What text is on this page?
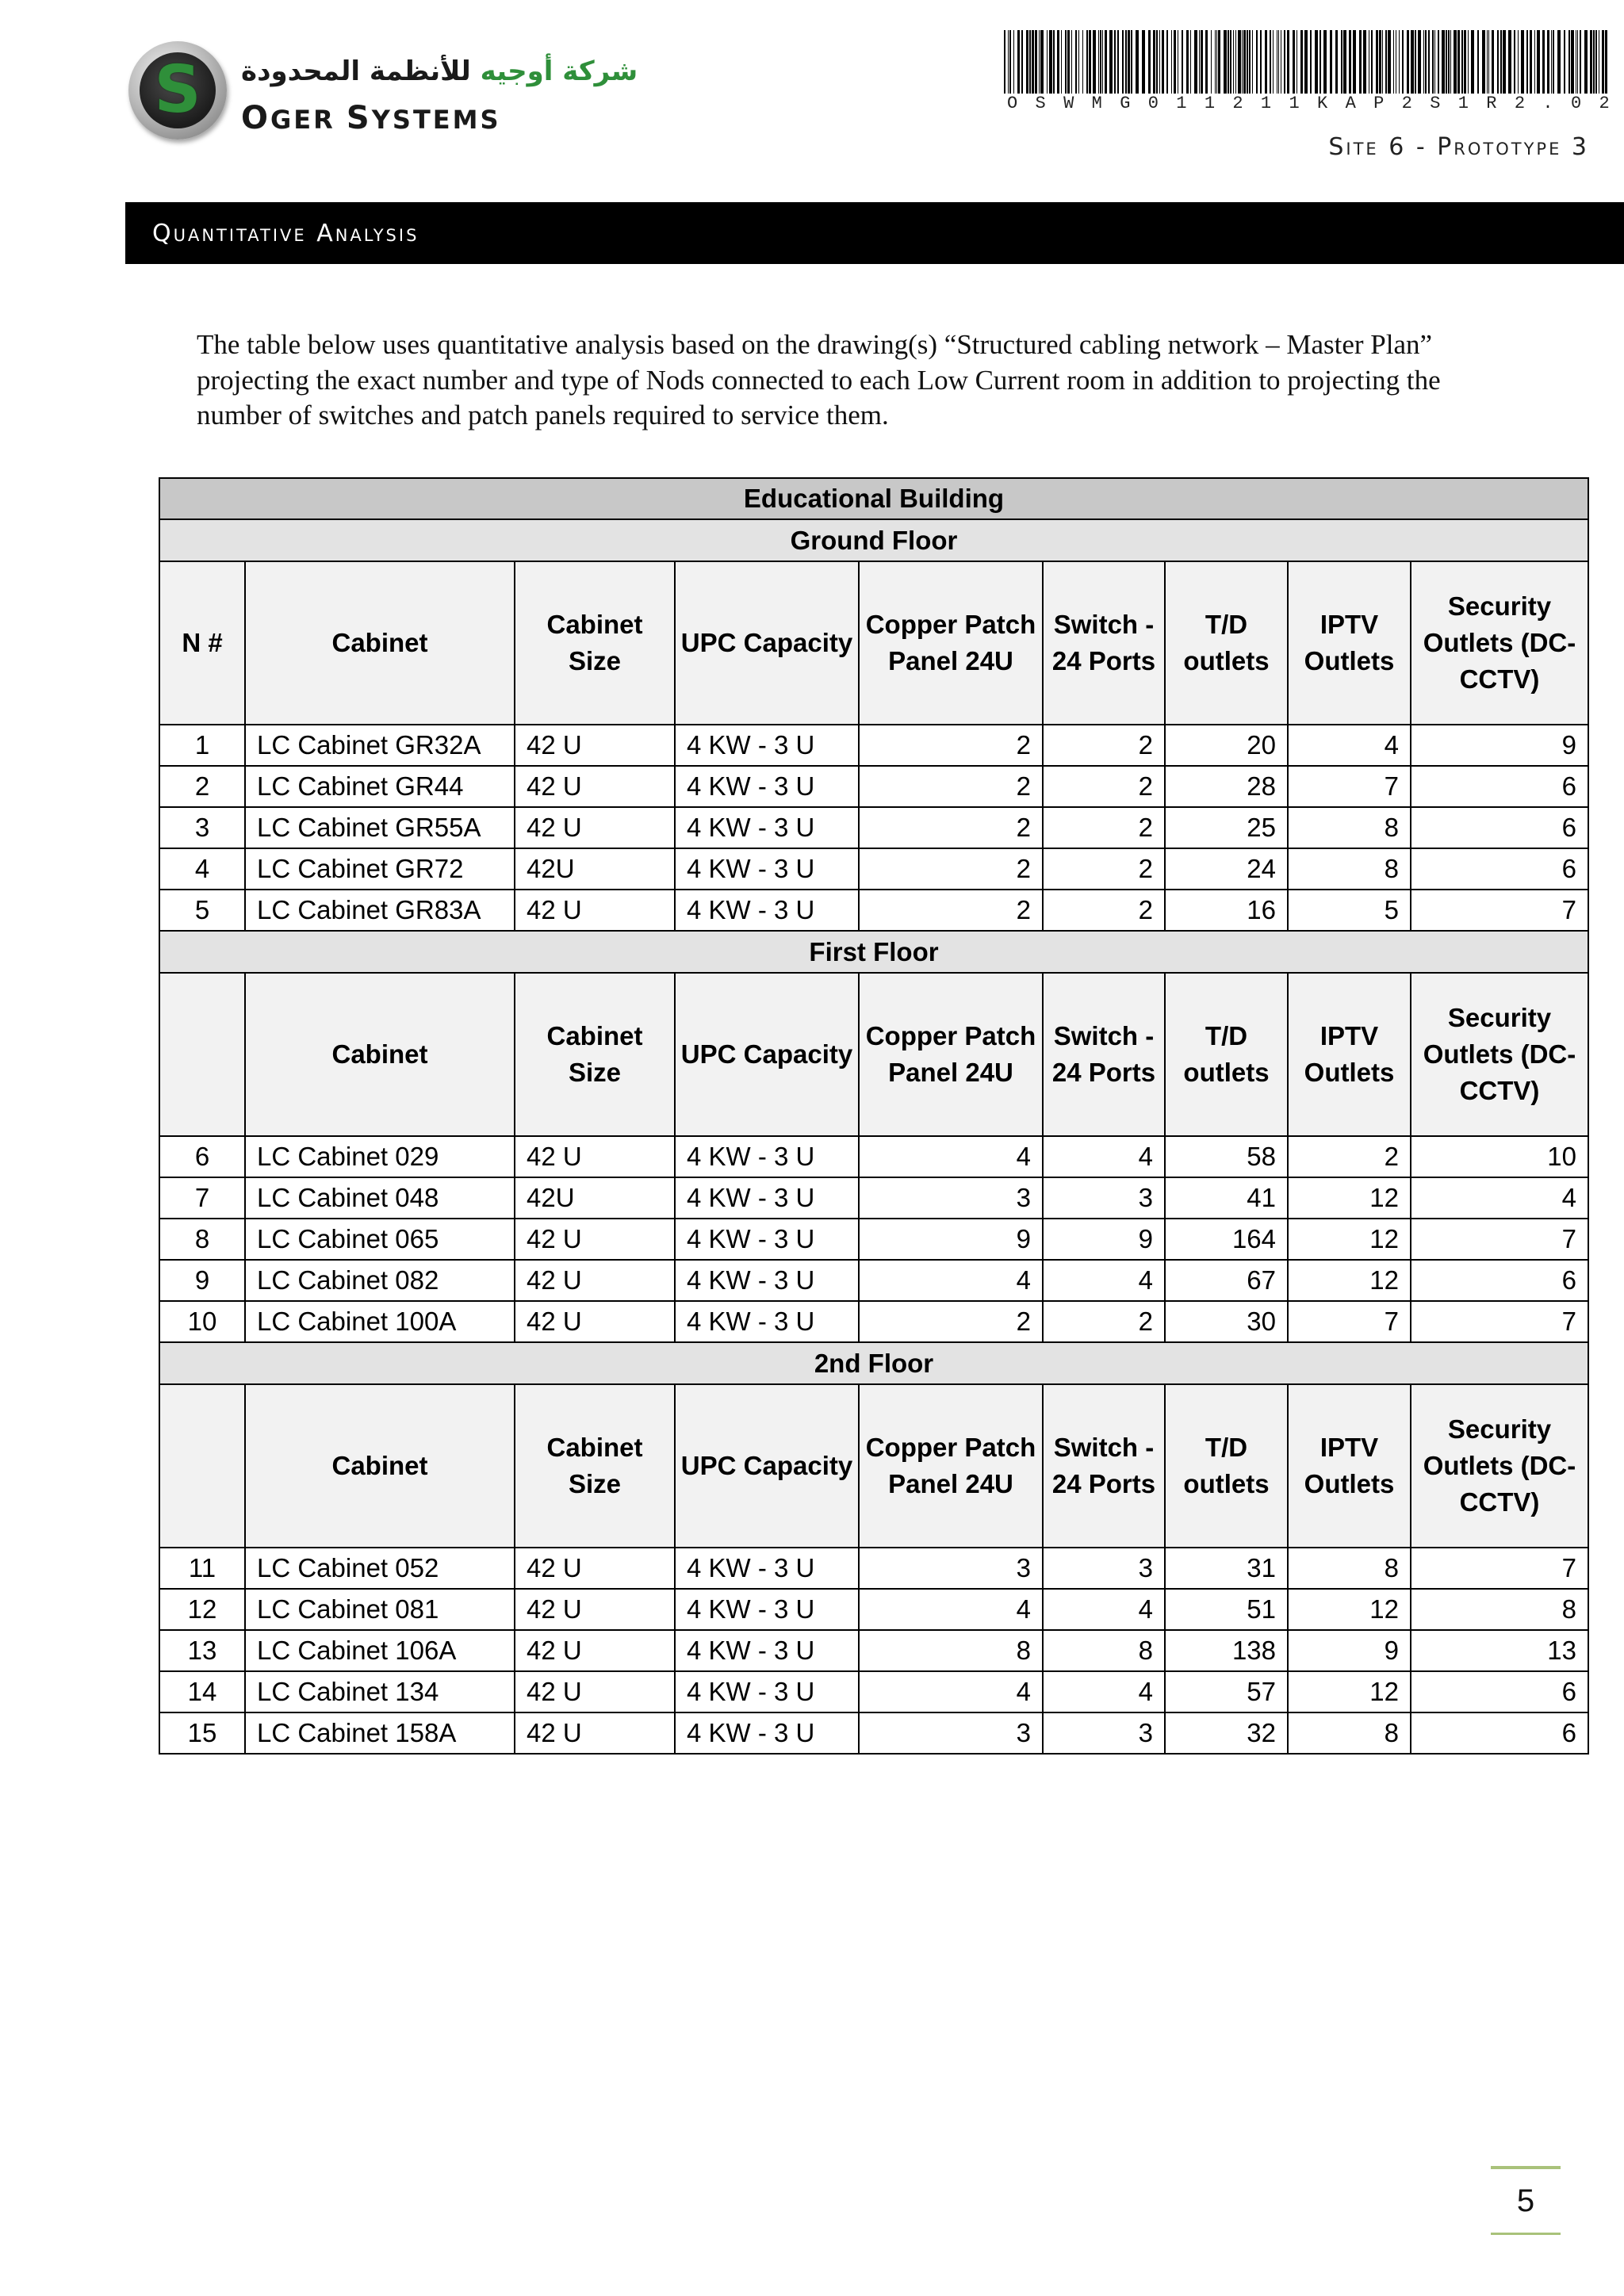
S	شركة أوجيه للأنظمة المحدودة
OGER SYSTEMS
O S W M G 0 1 1 2 1 1 K A P 2 S 1 R 2 . 0 2
Site 6 - Prototype 3
Quantitative Analysis

The table below uses quantitative analysis based on the drawing(s) “Structured cabling network – Master Plan” projecting the exact number and type of Nods connected to each Low Current room in addition to projecting the number of switches and patch panels required to service them.

Educational Building								
Ground Floor								
N #	Cabinet	Cabinet Size	UPC Capacity	Copper Patch Panel 24U	Switch - 24 Ports	T/D outlets	IPTV Outlets	Security Outlets (DC- CCTV)
1	LC Cabinet GR32A	42 U	4 KW - 3 U	2	2	20	4	9
2	LC Cabinet GR44	42 U	4 KW - 3 U	2	2	28	7	6
3	LC Cabinet GR55A	42 U	4 KW - 3 U	2	2	25	8	6
4	LC Cabinet GR72	42U	4 KW - 3 U	2	2	24	8	6
5	LC Cabinet GR83A	42 U	4 KW - 3 U	2	2	16	5	7
First Floor								
	Cabinet	Cabinet Size	UPC Capacity	Copper Patch Panel 24U	Switch - 24 Ports	T/D outlets	IPTV Outlets	Security Outlets (DC- CCTV)
6	LC Cabinet 029	42 U	4 KW - 3 U	4	4	58	2	10
7	LC Cabinet 048	42U	4 KW - 3 U	3	3	41	12	4
8	LC Cabinet 065	42 U	4 KW - 3 U	9	9	164	12	7
9	LC Cabinet 082	42 U	4 KW - 3 U	4	4	67	12	6
10	LC Cabinet 100A	42 U	4 KW - 3 U	2	2	30	7	7
2nd Floor								
	Cabinet	Cabinet Size	UPC Capacity	Copper Patch Panel 24U	Switch - 24 Ports	T/D outlets	IPTV Outlets	Security Outlets (DC- CCTV)
11	LC Cabinet 052	42 U	4 KW - 3 U	3	3	31	8	7
12	LC Cabinet 081	42 U	4 KW - 3 U	4	4	51	12	8
13	LC Cabinet 106A	42 U	4 KW - 3 U	8	8	138	9	13
14	LC Cabinet 134	42 U	4 KW - 3 U	4	4	57	12	6
15	LC Cabinet 158A	42 U	4 KW - 3 U	3	3	32	8	6
5
